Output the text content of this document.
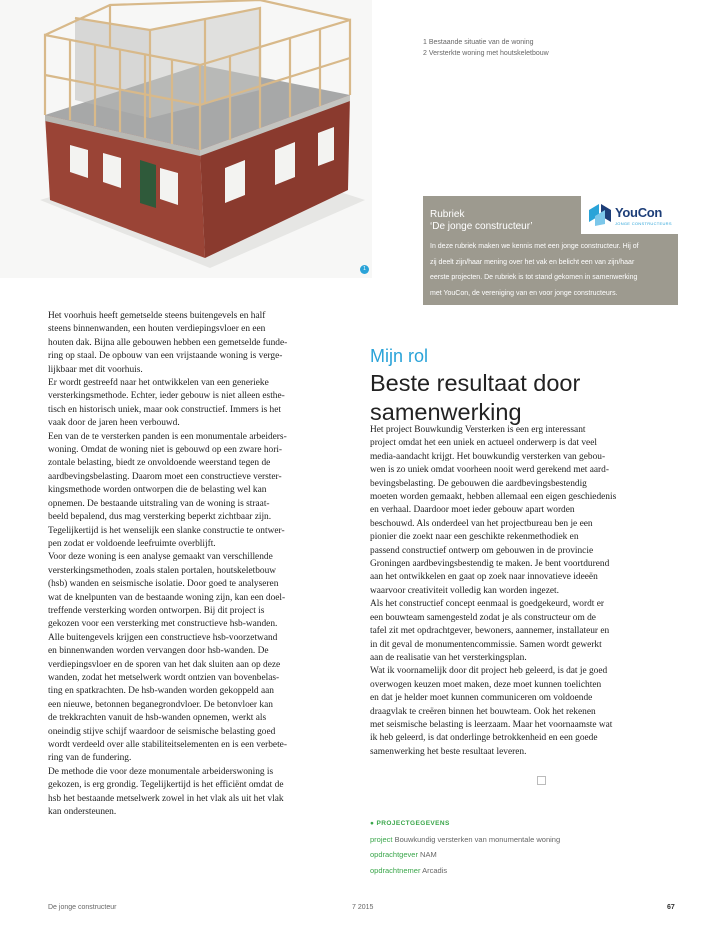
1
1 Bestaande situatie van de woning
2 Versterkte woning met houtskeletbouw
Rubriek
‘De jonge constructeur’
YouCon
JONGE CONSTRUCTEURS
In deze rubriek maken we kennis met een jonge constructeur. Hij of
zij deelt zijn/haar mening over het vak en belicht een van zijn/haar
eerste projecten. De rubriek is tot stand gekomen in samenwerking
met YouCon, de vereniging van en voor jonge constructeurs.
Het voorhuis heeft gemetselde steens buitengevels en half
steens binnenwanden, een houten verdiepingsvloer en een
houten dak. Bijna alle gebouwen hebben een gemetselde funde-
ring op staal. De opbouw van een vrijstaande woning is verge-
lijkbaar met dit voorhuis.
Er wordt gestreefd naar het ontwikkelen van een generieke
versterkingsmethode. Echter, ieder gebouw is niet alleen esthe-
tisch en historisch uniek, maar ook constructief. Immers is het
vaak door de jaren heen verbouwd.
Een van de te versterken panden is een monumentale arbeiders-
woning. Omdat de woning niet is gebouwd op een zware hori-
zontale belasting, biedt ze onvoldoende weerstand tegen de
aardbevingsbelasting. Daarom moet een constructieve verster-
kingsmethode worden ontworpen die de belasting wel kan
opnemen. De bestaande uitstraling van de woning is straat-
beeld bepalend, dus mag versterking beperkt zichtbaar zijn.
Tegelijkertijd is het wenselijk een slanke constructie te ontwer-
pen zodat er voldoende leefruimte overblijft.
Voor deze woning is een analyse gemaakt van verschillende
versterkingsmethoden, zoals stalen portalen, houtskeletbouw
(hsb) wanden en seismische isolatie. Door goed te analyseren
wat de knelpunten van de bestaande woning zijn, kan een doel-
treffende versterking worden ontworpen. Bij dit project is
gekozen voor een versterking met constructieve hsb-wanden.
Alle buitengevels krijgen een constructieve hsb-voorzetwand
en binnenwanden worden vervangen door hsb-wanden. De
verdiepingsvloer en de sporen van het dak sluiten aan op deze
wanden, zodat het metselwerk wordt ontzien van bovenbelas-
ting en spatkrachten. De hsb-wanden worden gekoppeld aan
een nieuwe, betonnen beganegrondvloer. De betonvloer kan
de trekkrachten vanuit de hsb-wanden opnemen, werkt als
oneindig stijve schijf waardoor de seismische belasting goed
wordt verdeeld over alle stabiliteitselementen en is een verbete-
ring van de fundering.
De methode die voor deze monumentale arbeiderswoning is
gekozen, is erg grondig. Tegelijkertijd is het efficiënt omdat de
hsb het bestaande metselwerk zowel in het vlak als uit het vlak
kan ondersteunen.
Mijn rol
Beste resultaat door
samenwerking
Het project Bouwkundig Versterken is een erg interessant
project omdat het een uniek en actueel onderwerp is dat veel
media-aandacht krijgt. Het bouwkundig versterken van gebou-
wen is zo uniek omdat voorheen nooit werd gerekend met aard-
bevingsbelasting. De gebouwen die aardbevingsbestendig
moeten worden gemaakt, hebben allemaal een eigen geschiedenis
en verhaal. Daardoor moet ieder gebouw apart worden
beschouwd. Als onderdeel van het projectbureau ben je een
pionier die zoekt naar een geschikte rekenmethodiek en
passend constructief ontwerp om gebouwen in de provincie
Groningen aardbevingsbestendig te maken. Je bent voortdurend
aan het ontwikkelen en gaat op zoek naar innovatieve ideeën
waarvoor creativiteit volledig kan worden ingezet.
Als het constructief concept eenmaal is goedgekeurd, wordt er
een bouwteam samengesteld zodat je als constructeur om de
tafel zit met opdrachtgever, bewoners, aannemer, installateur en
in dit geval de monumentencommissie. Samen wordt gewerkt
aan de realisatie van het versterkingsplan.
Wat ik voornamelijk door dit project heb geleerd, is dat je goed
overwogen keuzen moet maken, deze moet kunnen toelichten
en dat je helder moet kunnen communiceren om voldoende
draagvlak te creëren binnen het bouwteam. Ook het rekenen
met seismische belasting is leerzaam. Maar het voornaamste wat
ik heb geleerd, is dat onderlinge betrokkenheid en een goede
samenwerking het beste resultaat leveren.
● PROJECTGEGEVENS
project Bouwkundig versterken van monumentale woning
opdrachtgever NAM
opdrachtnemer Arcadis
De jonge constructeur	7 2015	67
